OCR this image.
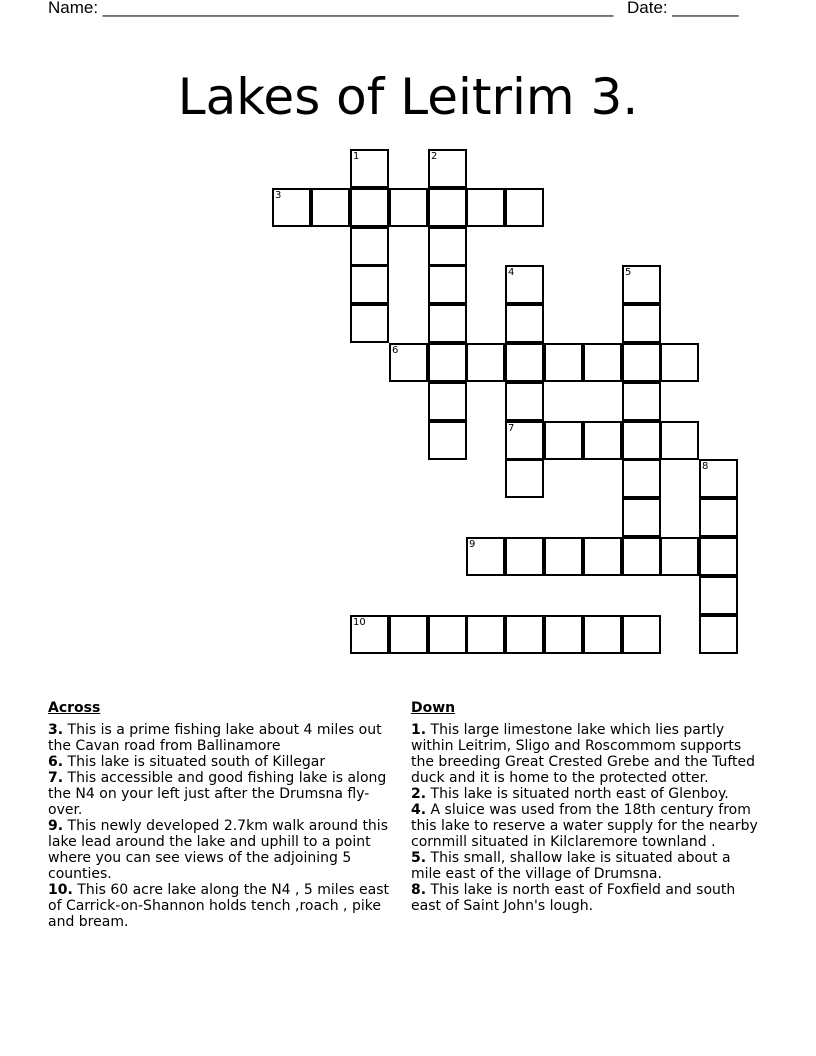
Name: ______________________________________________________ Date: _______
Lakes of Leitrim 3.
1	2
3
4	5
6
7
8
9
10
Across
3. This is a prime fishing lake about 4 miles out the Cavan road from Ballinamore
6. This lake is situated south of Killegar
7. This accessible and good fishing lake is along the N4 on your left just after the Drumsna fly-over.
9. This newly developed 2.7km walk around this lake lead around the lake and uphill to a point where you can see views of the adjoining 5 counties.
10. This 60 acre lake along the N4 , 5 miles east of Carrick-on-Shannon holds tench ,roach , pike and bream.
Down
1. This large limestone lake which lies partly within Leitrim, Sligo and Roscommom supports the breeding Great Crested Grebe and the Tufted duck and it is home to the protected otter.
2. This lake is situated north east of Glenboy.
4. A sluice was used from the 18th century from this lake to reserve a water supply for the nearby cornmill situated in Kilclaremore townland .
5. This small, shallow lake is situated about a mile east of the village of Drumsna.
8. This lake is north east of Foxfield and south east of Saint John's lough.
